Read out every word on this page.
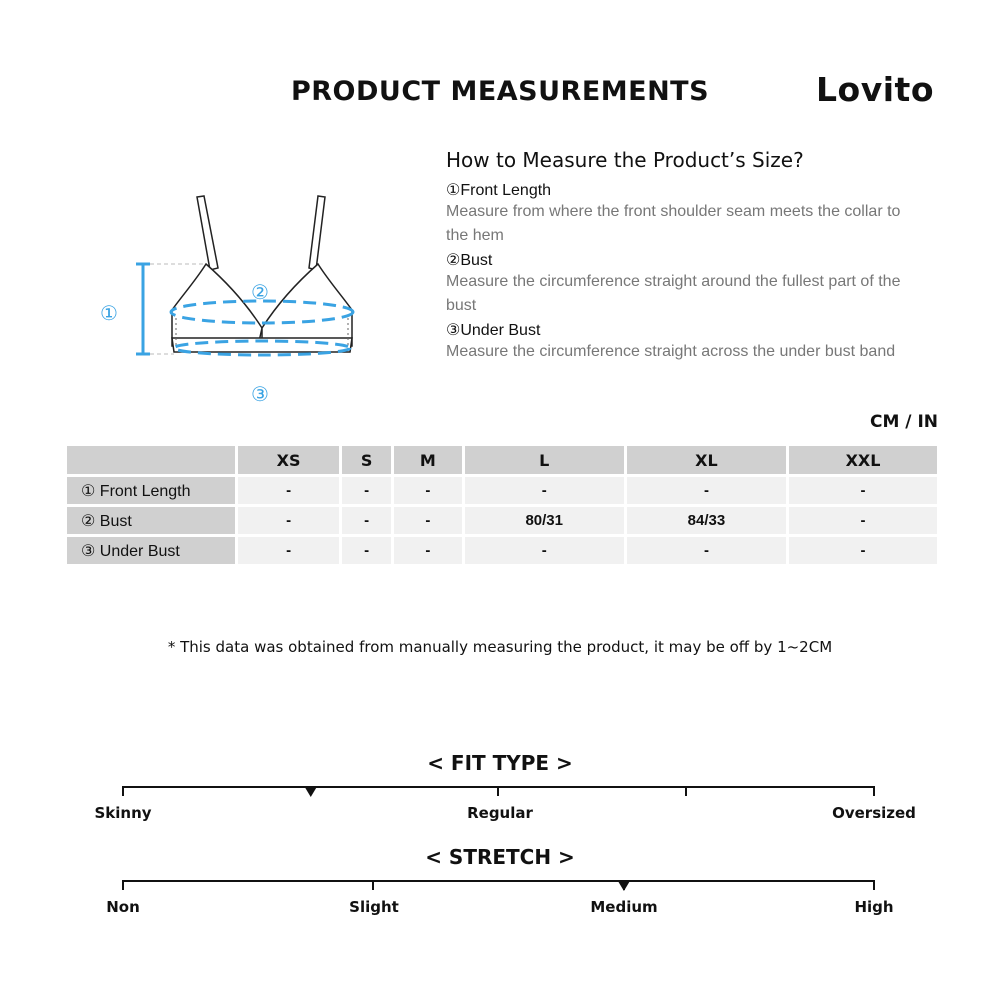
PRODUCT MEASUREMENTS	Lovito
①
②
③
How to Measure the Product’s Size?
①Front Length
Measure from where the front shoulder seam meets the collar to the hem
②Bust
Measure the circumference straight around the fullest part of the bust
③Under Bust
Measure the circumference straight across the under bust band
CM / IN
	XS	S	M	L	XL	XXL
① Front Length	-	-	-	-	-	-
② Bust	-	-	-	80/31	84/33	-
③ Under Bust	-	-	-	-	-	-
* This data was obtained from manually measuring the product, it may be off by 1~2CM
< FIT TYPE >
Skinny	Regular	Oversized
< STRETCH >
Non	Slight	Medium	High
